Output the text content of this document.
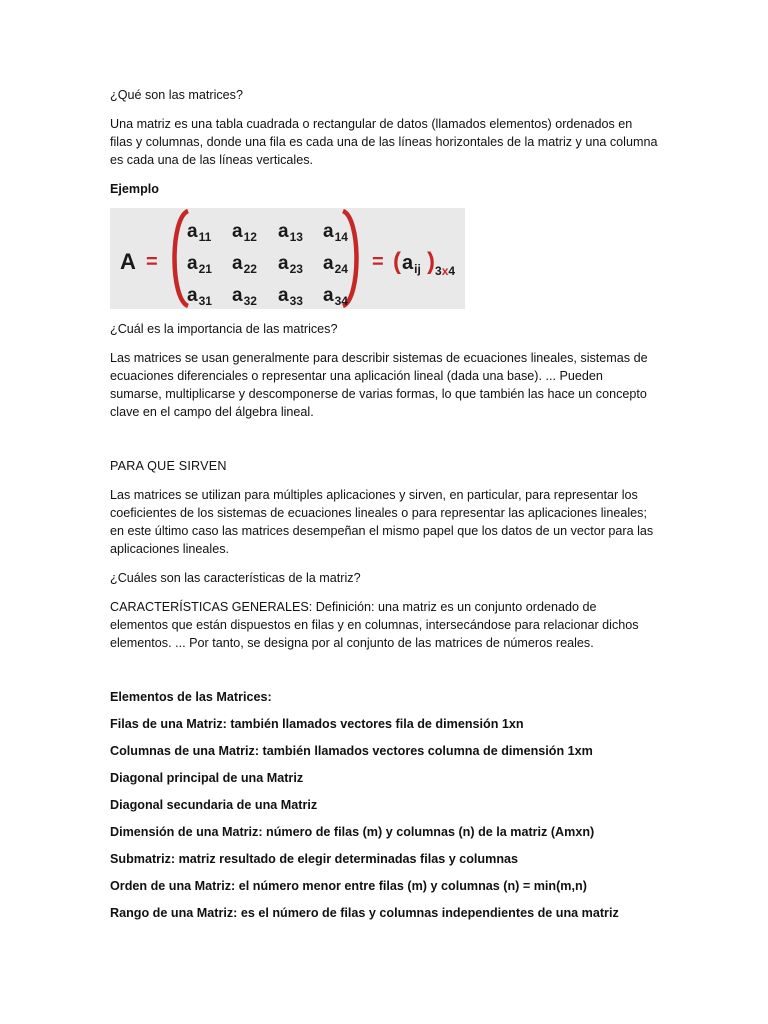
¿Qué son las matrices?

Una matriz es una tabla cuadrada o rectangular de datos (llamados elementos) ordenados en filas y columnas, donde una fila es cada una de las líneas horizontales de la matriz y una columna es cada una de las líneas verticales.

Ejemplo

A =
$a_{11}$ $a_{12}$ $a_{13}$ $a_{14}$
$a_{21}$ $a_{22}$ $a_{23}$ $a_{24}$
$a_{31}$ $a_{32}$ $a_{33}$ $a_{34}$
= ( $a_{ij}$ ) 3x4

¿Cuál es la importancia de las matrices?

Las matrices se usan generalmente para describir sistemas de ecuaciones lineales, sistemas de ecuaciones diferenciales o representar una aplicación lineal (dada una base). ... Pueden sumarse, multiplicarse y descomponerse de varias formas, lo que también las hace un concepto clave en el campo del álgebra lineal.

PARA QUE SIRVEN

Las matrices se utilizan para múltiples aplicaciones y sirven, en particular, para representar los coeficientes de los sistemas de ecuaciones lineales o para representar las aplicaciones lineales; en este último caso las matrices desempeñan el mismo papel que los datos de un vector para las aplicaciones lineales.

¿Cuáles son las características de la matriz?

CARACTERÍSTICAS GENERALES: Definición: una matriz es un conjunto ordenado de elementos que están dispuestos en filas y en columnas, intersecándose para relacionar dichos elementos. ... Por tanto, se designa por al conjunto de las matrices de números reales.

Elementos de las Matrices:

Filas de una Matriz: también llamados vectores fila de dimensión 1xn
Columnas de una Matriz: también llamados vectores columna de dimensión 1xm
Diagonal principal de una Matriz
Diagonal secundaria de una Matriz
Dimensión de una Matriz: número de filas (m) y columnas (n) de la matriz (Amxn)
Submatriz: matriz resultado de elegir determinadas filas y columnas
Orden de una Matriz: el número menor entre filas (m) y columnas (n) = min(m,n)
Rango de una Matriz: es el número de filas y columnas independientes de una matriz
